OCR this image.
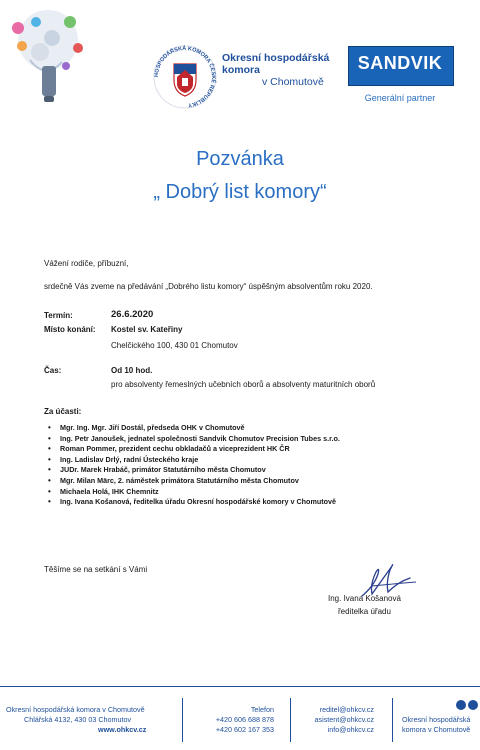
HOSPODÁŘSKÁ KOMORA ČESKÉ REPUBLIKY
Okresní hospodářská
komora
v Chomutově
SANDVIK
Generální partner
Pozvánka
„ Dobrý list komory“
Vážení rodiče, příbuzní,
srdečně Vás zveme na předávání „Dobrého listu komory“ úspěšným absolventům roku 2020.
Termín:	26.6.2020
Místo konání: Kostel sv. Kateřiny
Chelčického 100, 430 01 Chomutov
Čas:	Od 10 hod.
pro absolventy řemeslných učebních oborů a absolventy maturitních oborů
Za účasti:
• Mgr. Ing. Mgr. Jiří Dostál, předseda OHK v Chomutově
• Ing. Petr Janoušek, jednatel společnosti Sandvik Chomutov Precision Tubes s.r.o.
• Roman Pommer, prezident cechu obkladačů a viceprezident HK ČR
• Ing. Ladislav Drlý, radní Ústeckého kraje
• JUDr. Marek Hrabáč, primátor Statutárního města Chomutov
• Mgr. Milan Märc, 2. náměstek primátora Statutárního města Chomutov
• Michaela Holá, IHK Chemnitz
• Ing. Ivana Košanová, ředitelka úřadu Okresní hospodářské komory v Chomutově
Těšíme se na setkání s Vámi
Ing. Ivana Košanová
ředitelka úřadu
Okresní hospodářská komora v Chomutově
Chlářská 4132, 430 03 Chomutov
www.ohkcv.cz
Telefon
+420 606 688 878
+420 602 167 353
reditel@ohkcv.cz
asistent@ohkcv.cz
info@ohkcv.cz
Okresní hospodářská
komora v Chomutově
